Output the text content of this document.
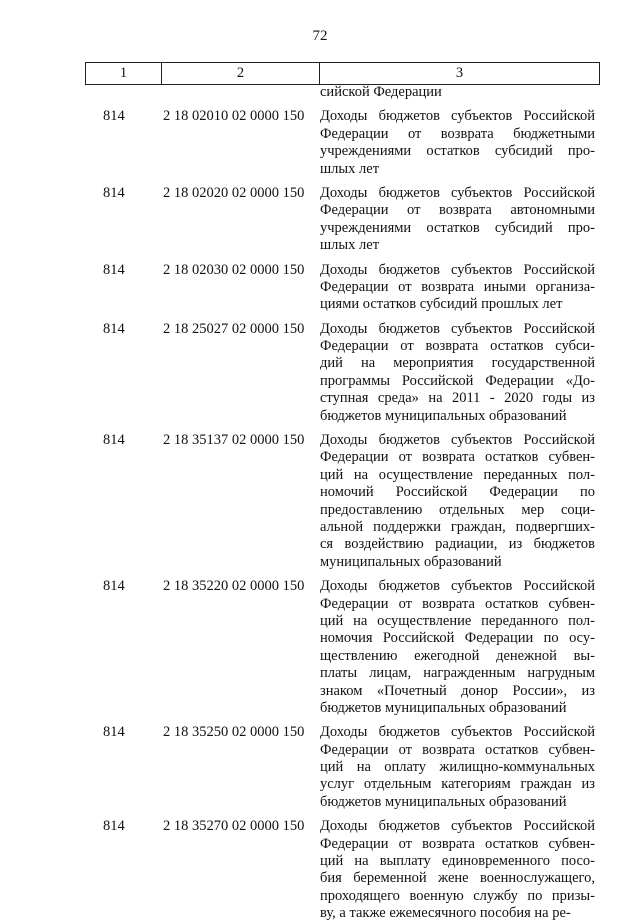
72
1	2	3
сийской Федерации
814	2 18 02010 02 0000 150	Доходы бюджетов субъектов Российской
Федерации от возврата бюджетными
учреждениями остатков субсидий про-
шлых лет
814	2 18 02020 02 0000 150	Доходы бюджетов субъектов Российской
Федерации от возврата автономными
учреждениями остатков субсидий про-
шлых лет
814	2 18 02030 02 0000 150	Доходы бюджетов субъектов Российской
Федерации от возврата иными организа-
циями остатков субсидий прошлых лет
814	2 18 25027 02 0000 150	Доходы бюджетов субъектов Российской
Федерации от возврата остатков субси-
дий на мероприятия государственной
программы Российской Федерации «До-
ступная среда» на 2011 - 2020 годы из
бюджетов муниципальных образований
814	2 18 35137 02 0000 150	Доходы бюджетов субъектов Российской
Федерации от возврата остатков субвен-
ций на осуществление переданных пол-
номочий Российской Федерации по
предоставлению отдельных мер соци-
альной поддержки граждан, подвергших-
ся воздействию радиации, из бюджетов
муниципальных образований
814	2 18 35220 02 0000 150	Доходы бюджетов субъектов Российской
Федерации от возврата остатков субвен-
ций на осуществление переданного пол-
номочия Российской Федерации по осу-
ществлению ежегодной денежной вы-
платы лицам, награжденным нагрудным
знаком «Почетный донор России», из
бюджетов муниципальных образований
814	2 18 35250 02 0000 150	Доходы бюджетов субъектов Российской
Федерации от возврата остатков субвен-
ций на оплату жилищно-коммунальных
услуг отдельным категориям граждан из
бюджетов муниципальных образований
814	2 18 35270 02 0000 150	Доходы бюджетов субъектов Российской
Федерации от возврата остатков субвен-
ций на выплату единовременного посо-
бия беременной жене военнослужащего,
проходящего военную службу по призы-
ву, а также ежемесячного пособия на ре-
